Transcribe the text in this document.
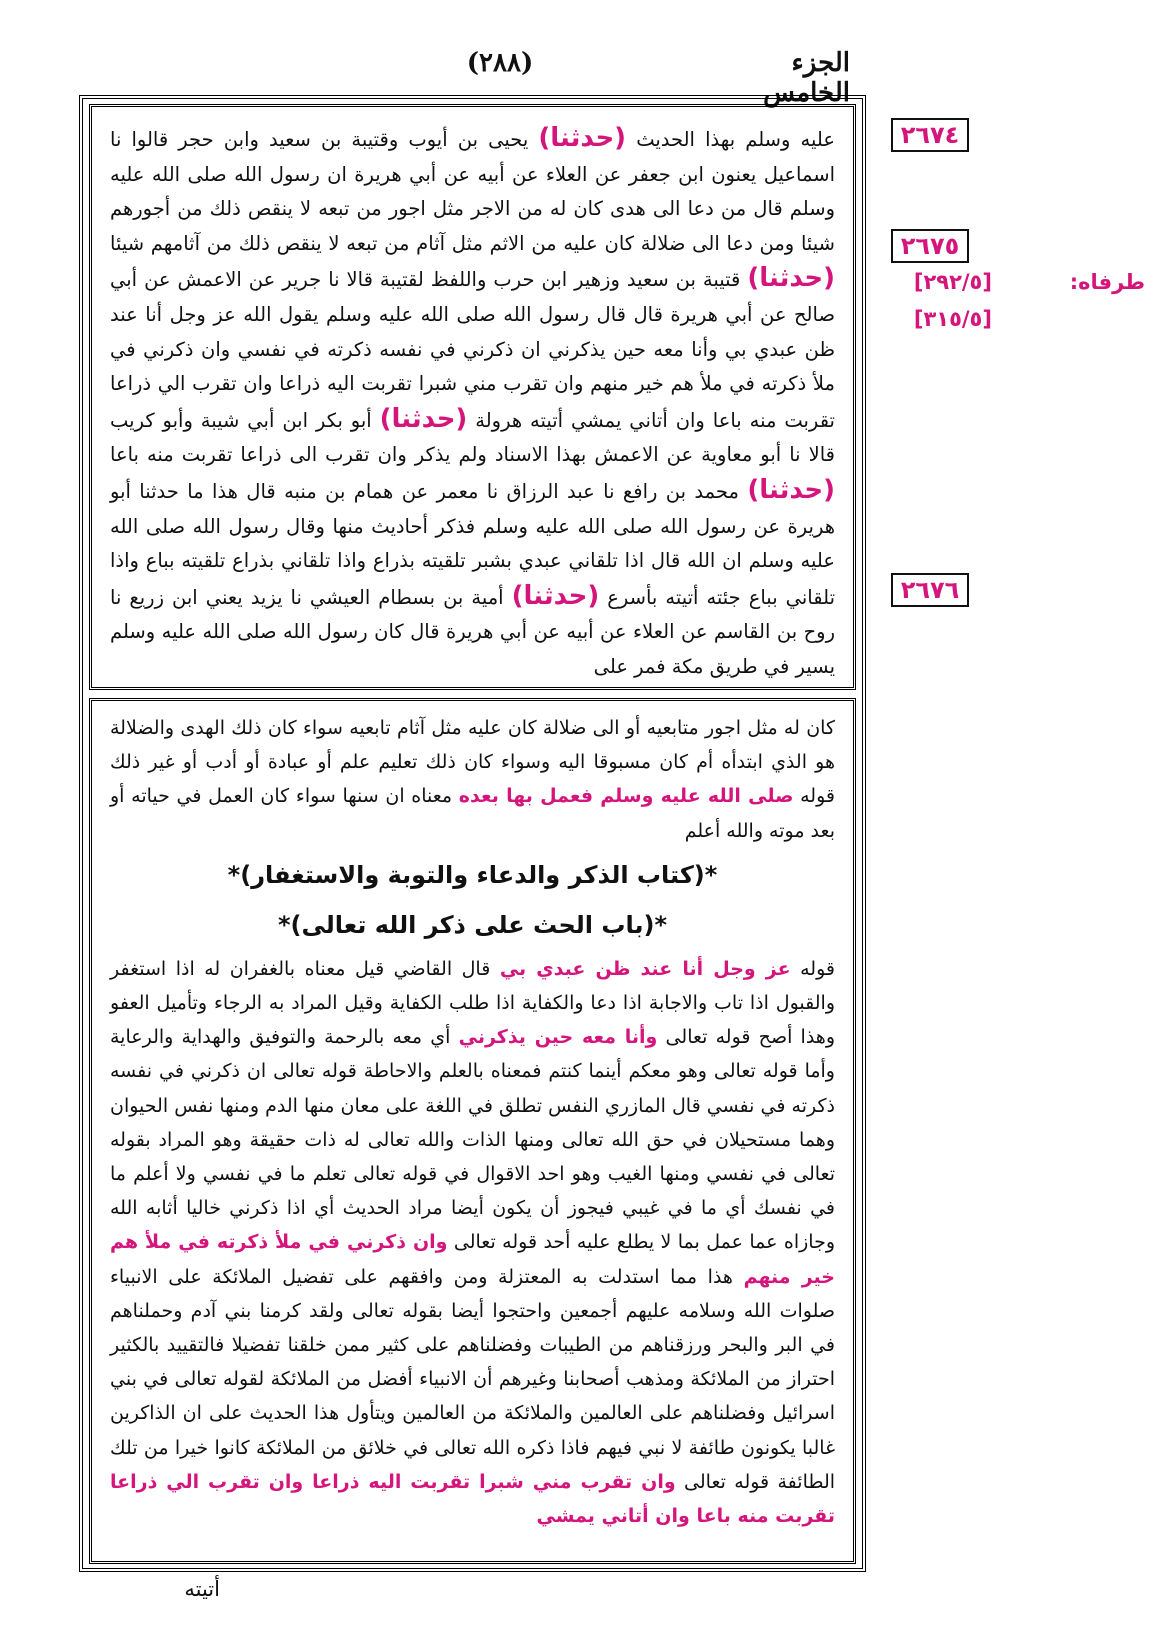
(٢٨٨)	الجزء الخامس

عليه وسلم بهذا الحديث (حدثنا) يحيى بن أيوب وقتيبة بن سعيد وابن حجر قالوا نا اسماعيل يعنون ابن جعفر عن العلاء عن أبيه عن أبي هريرة ان رسول الله صلى الله عليه وسلم قال من دعا الى هدى كان له من الاجر مثل اجور من تبعه لا ينقص ذلك من أجورهم شيئا ومن دعا الى ضلالة كان عليه من الاثم مثل آثام من تبعه لا ينقص ذلك من آثامهم شيئا (حدثنا) قتيبة بن سعيد وزهير ابن حرب واللفظ لقتيبة قالا نا جرير عن الاعمش عن أبي صالح عن أبي هريرة قال قال رسول الله صلى الله عليه وسلم يقول الله عز وجل أنا عند ظن عبدي بي وأنا معه حين يذكرني ان ذكرني في نفسه ذكرته في نفسي وان ذكرني في ملأ ذكرته في ملأ هم خير منهم وان تقرب مني شبرا تقربت اليه ذراعا وان تقرب الي ذراعا تقربت منه باعا وان أتاني يمشي أتيته هرولة (حدثنا) أبو بكر ابن أبي شيبة وأبو كريب قالا نا أبو معاوية عن الاعمش بهذا الاسناد ولم يذكر وان تقرب الى ذراعا تقربت منه باعا (حدثنا) محمد بن رافع نا عبد الرزاق نا معمر عن همام بن منبه قال هذا ما حدثنا أبو هريرة عن رسول الله صلى الله عليه وسلم فذكر أحاديث منها وقال رسول الله صلى الله عليه وسلم ان الله قال اذا تلقاني عبدي بشبر تلقيته بذراع واذا تلقاني بذراع تلقيته بباع واذا تلقاني بباع جئته أتيته بأسرع (حدثنا) أمية بن بسطام العيشي نا يزيد يعني ابن زريع نا روح بن القاسم عن العلاء عن أبيه عن أبي هريرة قال كان رسول الله صلى الله عليه وسلم يسير في طريق مكة فمر على

كان له مثل اجور متابعيه أو الى ضلالة كان عليه مثل آثام تابعيه سواء كان ذلك الهدى والضلالة هو الذي ابتدأه أم كان مسبوقا اليه وسواء كان ذلك تعليم علم أو عبادة أو أدب أو غير ذلك قوله صلى الله عليه وسلم فعمل بها بعده معناه ان سنها سواء كان العمل في حياته أو بعد موته والله أعلم

*(كتاب الذكر والدعاء والتوبة والاستغفار)*
*(باب الحث على ذكر الله تعالى)*

قوله عز وجل أنا عند ظن عبدي بي قال القاضي قيل معناه بالغفران له اذا استغفر والقبول اذا تاب والاجابة اذا دعا والكفاية اذا طلب الكفاية وقيل المراد به الرجاء وتأميل العفو وهذا أصح قوله تعالى وأنا معه حين يذكرني أي معه بالرحمة والتوفيق والهداية والرعاية وأما قوله تعالى وهو معكم أينما كنتم فمعناه بالعلم والاحاطة قوله تعالى ان ذكرني في نفسه ذكرته في نفسي قال المازري النفس تطلق في اللغة على معان منها الدم ومنها نفس الحيوان وهما مستحيلان في حق الله تعالى ومنها الذات والله تعالى له ذات حقيقة وهو المراد بقوله تعالى في نفسي ومنها الغيب وهو احد الاقوال في قوله تعالى تعلم ما في نفسي ولا أعلم ما في نفسك أي ما في غيبي فيجوز أن يكون أيضا مراد الحديث أي اذا ذكرني خاليا أثابه الله وجازاه عما عمل بما لا يطلع عليه أحد قوله تعالى وان ذكرني في ملأ ذكرته في ملأ هم خير منهم هذا مما استدلت به المعتزلة ومن وافقهم على تفضيل الملائكة على الانبياء صلوات الله وسلامه عليهم أجمعين واحتجوا أيضا بقوله تعالى ولقد كرمنا بني آدم وحملناهم في البر والبحر ورزقناهم من الطيبات وفضلناهم على كثير ممن خلقنا تفضيلا فالتقييد بالكثير احتراز من الملائكة ومذهب أصحابنا وغيرهم أن الانبياء أفضل من الملائكة لقوله تعالى في بني اسرائيل وفضلناهم على العالمين والملائكة من العالمين ويتأول هذا الحديث على ان الذاكرين غالبا يكونون طائفة لا نبي فيهم فاذا ذكره الله تعالى في خلائق من الملائكة كانوا خيرا من تلك الطائفة قوله تعالى وان تقرب مني شبرا تقربت اليه ذراعا وان تقرب الي ذراعا تقربت منه باعا وان أتاني يمشي

٢٦٧٤
٢٦٧٥
٢٦٧٦
طرفاه:
[٢٩٢/٥]
[٣١٥/٥]
أتيته
